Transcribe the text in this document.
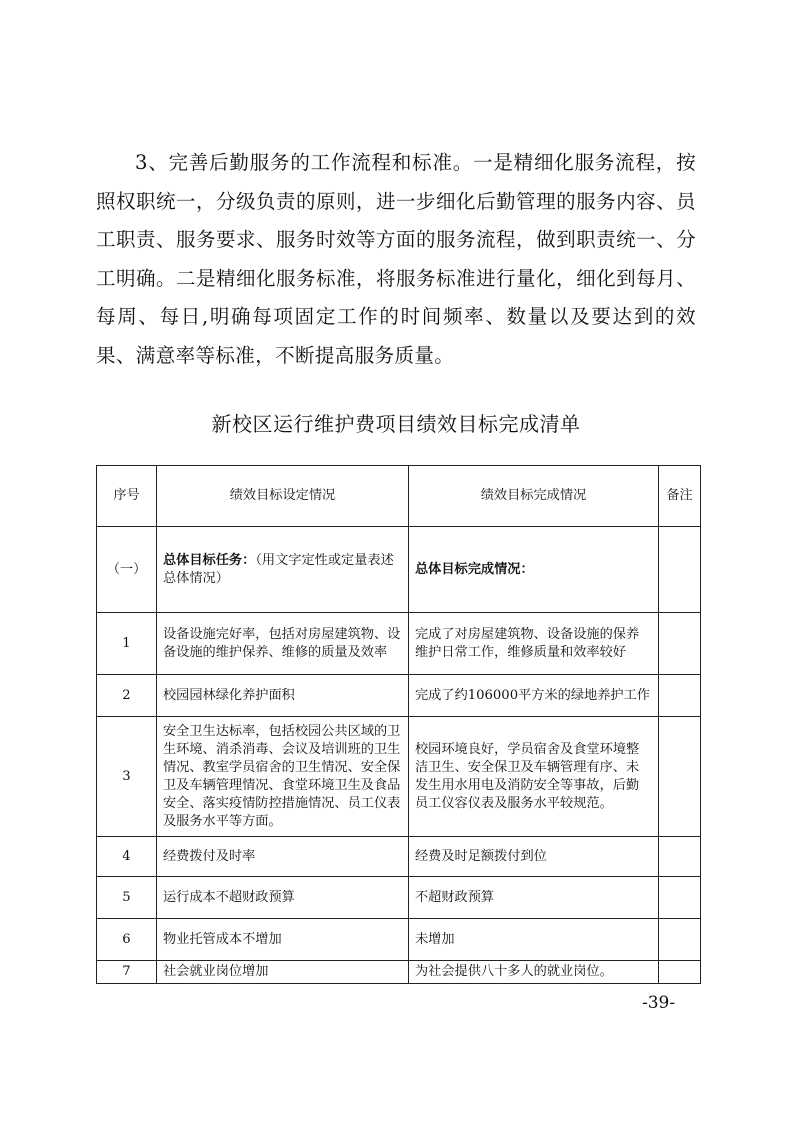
3、完善后勤服务的工作流程和标准。一是精细化服务流程，按照权职统一，分级负责的原则，进一步细化后勤管理的服务内容、员工职责、服务要求、服务时效等方面的服务流程，做到职责统一、分工明确。二是精细化服务标准，将服务标准进行量化，细化到每月、每周、每日,明确每项固定工作的时间频率、数量以及要达到的效果、满意率等标准，不断提高服务质量。

新校区运行维护费项目绩效目标完成清单
序号	绩效目标设定情况	绩效目标完成情况	备注
（一）	总体目标任务：（用文字定性或定量表述总体情况）	总体目标完成情况：	
1	设备设施完好率，包括对房屋建筑物、设备设施的维护保养、维修的质量及效率	完成了对房屋建筑物、设备设施的保养维护日常工作，维修质量和效率较好	
2	校园园林绿化养护面积	完成了约106000平方米的绿地养护工作	
3	安全卫生达标率，包括校园公共区域的卫生环境、消杀消毒、会议及培训班的卫生情况、教室学员宿舍的卫生情况、安全保卫及车辆管理情况、食堂环境卫生及食品安全、落实疫情防控措施情况、员工仪表及服务水平等方面。	校园环境良好，学员宿舍及食堂环境整洁卫生、安全保卫及车辆管理有序、未发生用水用电及消防安全等事故，后勤员工仪容仪表及服务水平较规范。	
4	经费拨付及时率	经费及时足额拨付到位	
5	运行成本不超财政预算	不超财政预算	
6	物业托管成本不增加	未增加	
7	社会就业岗位增加	为社会提供八十多人的就业岗位。	

-39-
